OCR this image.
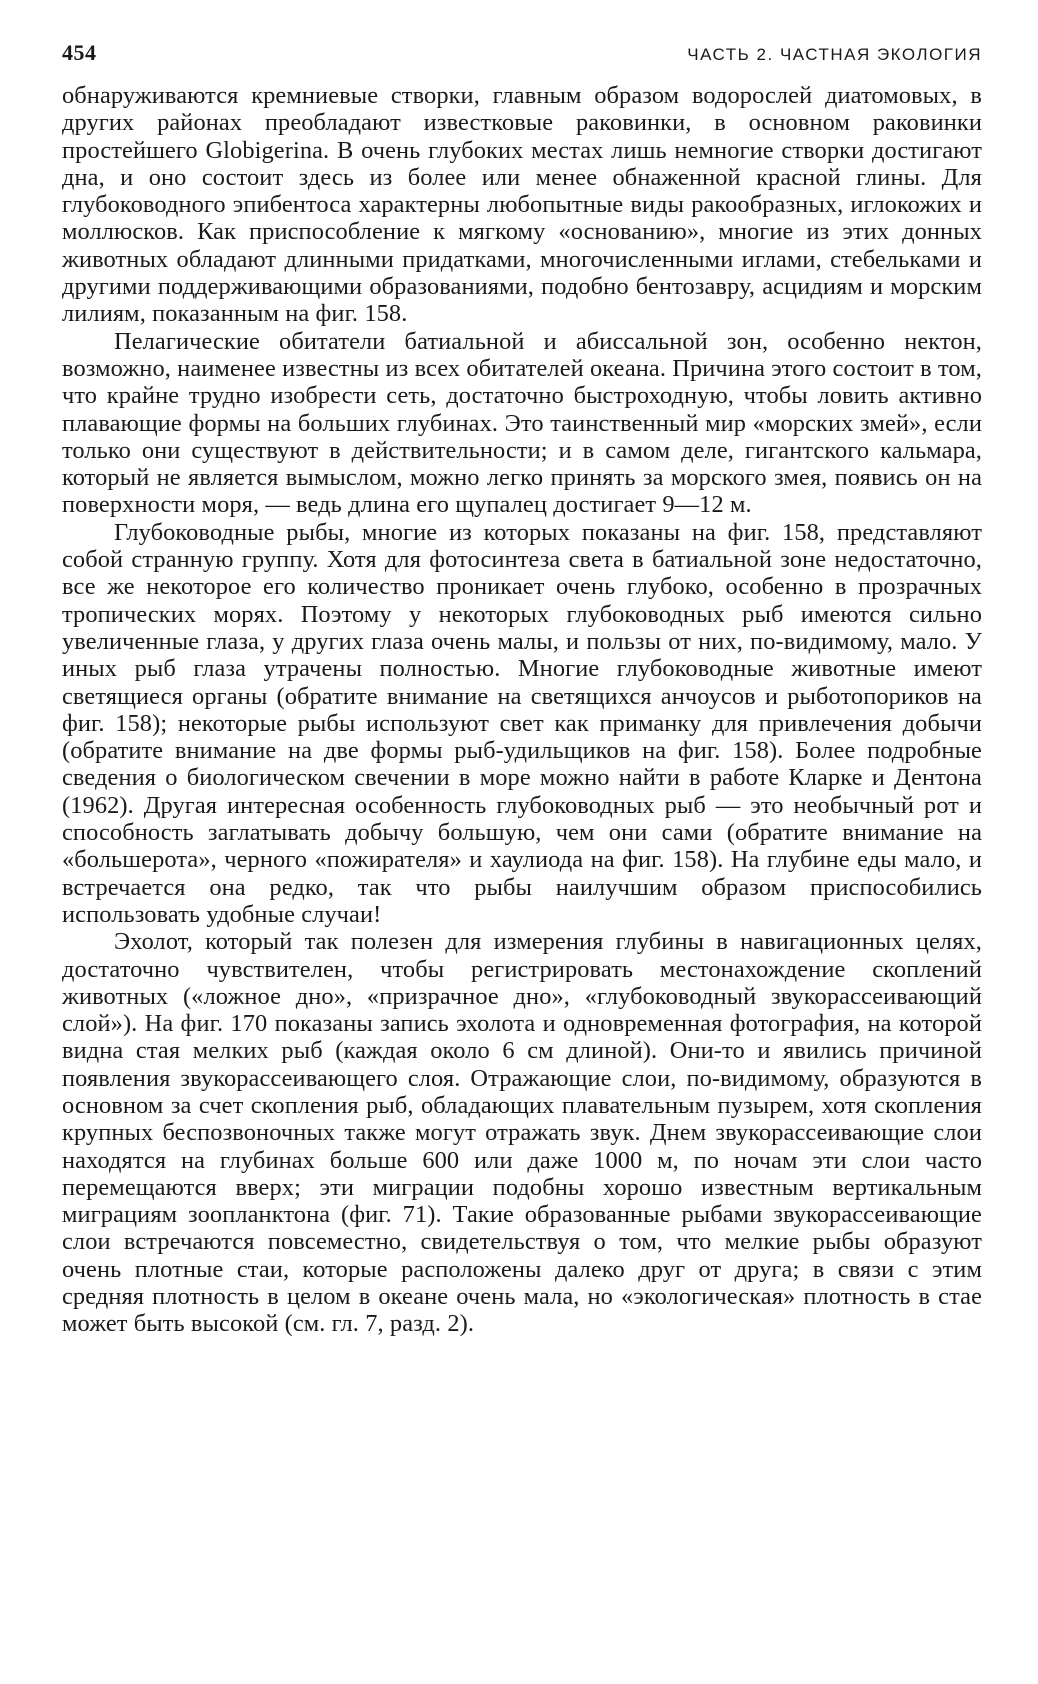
454	ЧАСТЬ 2. ЧАСТНАЯ ЭКОЛОГИЯ

обнаруживаются кремниевые створки, главным образом водорослей диатомовых, в других районах преобладают известковые раковинки, в основном раковинки простейшего Globigerina. В очень глубоких местах лишь немногие створки достигают дна, и оно состоит здесь из более или менее обнаженной красной глины. Для глубоководного эпибентоса характерны любопытные виды ракообразных, иглокожих и моллюсков. Как приспособление к мягкому «основанию», многие из этих донных животных обладают длинными придатками, многочисленными иглами, стебельками и другими поддерживающими образованиями, подобно бентозавру, асцидиям и морским лилиям, показанным на фиг. 158.

Пелагические обитатели батиальной и абиссальной зон, особенно нектон, возможно, наименее известны из всех обитателей океана. Причина этого состоит в том, что крайне трудно изобрести сеть, достаточно быстроходную, чтобы ловить активно плавающие формы на больших глубинах. Это таинственный мир «морских змей», если только они существуют в действительности; и в самом деле, гигантского кальмара, который не является вымыслом, можно легко принять за морского змея, появись он на поверхности моря, — ведь длина его щупалец достигает 9—12 м.

Глубоководные рыбы, многие из которых показаны на фиг. 158, представляют собой странную группу. Хотя для фотосинтеза света в батиальной зоне недостаточно, все же некоторое его количество проникает очень глубоко, особенно в прозрачных тропических морях. Поэтому у некоторых глубоководных рыб имеются сильно увеличенные глаза, у других глаза очень малы, и пользы от них, по-видимому, мало. У иных рыб глаза утрачены полностью. Многие глубоководные животные имеют светящиеся органы (обратите внимание на светящихся анчоусов и рыботопориков на фиг. 158); некоторые рыбы используют свет как приманку для привлечения добычи (обратите внимание на две формы рыб-удильщиков на фиг. 158). Более подробные сведения о биологическом свечении в море можно найти в работе Кларке и Дентона (1962). Другая интересная особенность глубоководных рыб — это необычный рот и способность заглатывать добычу большую, чем они сами (обратите внимание на «большерота», черного «пожирателя» и хаулиода на фиг. 158). На глубине еды мало, и встречается она редко, так что рыбы наилучшим образом приспособились использовать удобные случаи!

Эхолот, который так полезен для измерения глубины в навигационных целях, достаточно чувствителен, чтобы регистрировать местонахождение скоплений животных («ложное дно», «призрачное дно», «глубоководный звукорассеивающий слой»). На фиг. 170 показаны запись эхолота и одновременная фотография, на которой видна стая мелких рыб (каждая около 6 см длиной). Они-то и явились причиной появления звукорассеивающего слоя. Отражающие слои, по-видимому, образуются в основном за счет скопления рыб, обладающих плавательным пузырем, хотя скопления крупных беспозвоночных также могут отражать звук. Днем звукорассеивающие слои находятся на глубинах больше 600 или даже 1000 м, по ночам эти слои часто перемещаются вверх; эти миграции подобны хорошо известным вертикальным миграциям зоопланктона (фиг. 71). Такие образованные рыбами звукорассеивающие слои встречаются повсеместно, свидетельствуя о том, что мелкие рыбы образуют очень плотные стаи, которые расположены далеко друг от друга; в связи с этим средняя плотность в целом в океане очень мала, но «экологическая» плотность в стае может быть высокой (см. гл. 7, разд. 2).
